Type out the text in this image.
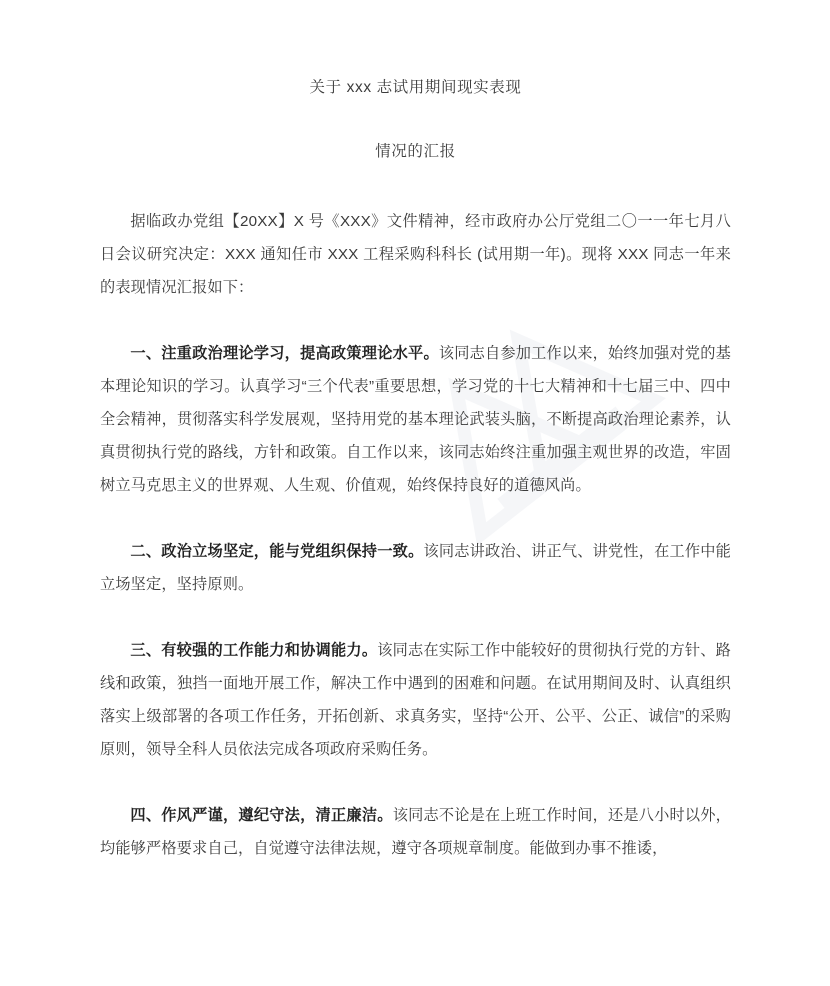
关于 xxx 志试用期间现实表现
情况的汇报

据临政办党组【20XX】X 号《XXX》文件精神，经市政府办公厅党组二〇一一年七月八日会议研究决定：XXX 通知任市 XXX 工程采购科科长 (试用期一年)。现将 XXX 同志一年来的表现情况汇报如下：

一、注重政治理论学习，提高政策理论水平。该同志自参加工作以来，始终加强对党的基本理论知识的学习。认真学习“三个代表”重要思想，学习党的十七大精神和十七届三中、四中全会精神，贯彻落实科学发展观，坚持用党的基本理论武装头脑，不断提高政治理论素养，认真贯彻执行党的路线，方针和政策。自工作以来，该同志始终注重加强主观世界的改造，牢固树立马克思主义的世界观、人生观、价值观，始终保持良好的道德风尚。

二、政治立场坚定，能与党组织保持一致。该同志讲政治、讲正气、讲党性，在工作中能立场坚定，坚持原则。

三、有较强的工作能力和协调能力。该同志在实际工作中能较好的贯彻执行党的方针、路线和政策，独挡一面地开展工作，解决工作中遇到的困难和问题。在试用期间及时、认真组织落实上级部署的各项工作任务，开拓创新、求真务实，坚持“公开、公平、公正、诚信”的采购原则，领导全科人员依法完成各项政府采购任务。

四、作风严谨，遵纪守法，清正廉洁。该同志不论是在上班工作时间，还是八小时以外，均能够严格要求自己，自觉遵守法律法规，遵守各项规章制度。能做到办事不推诿，
